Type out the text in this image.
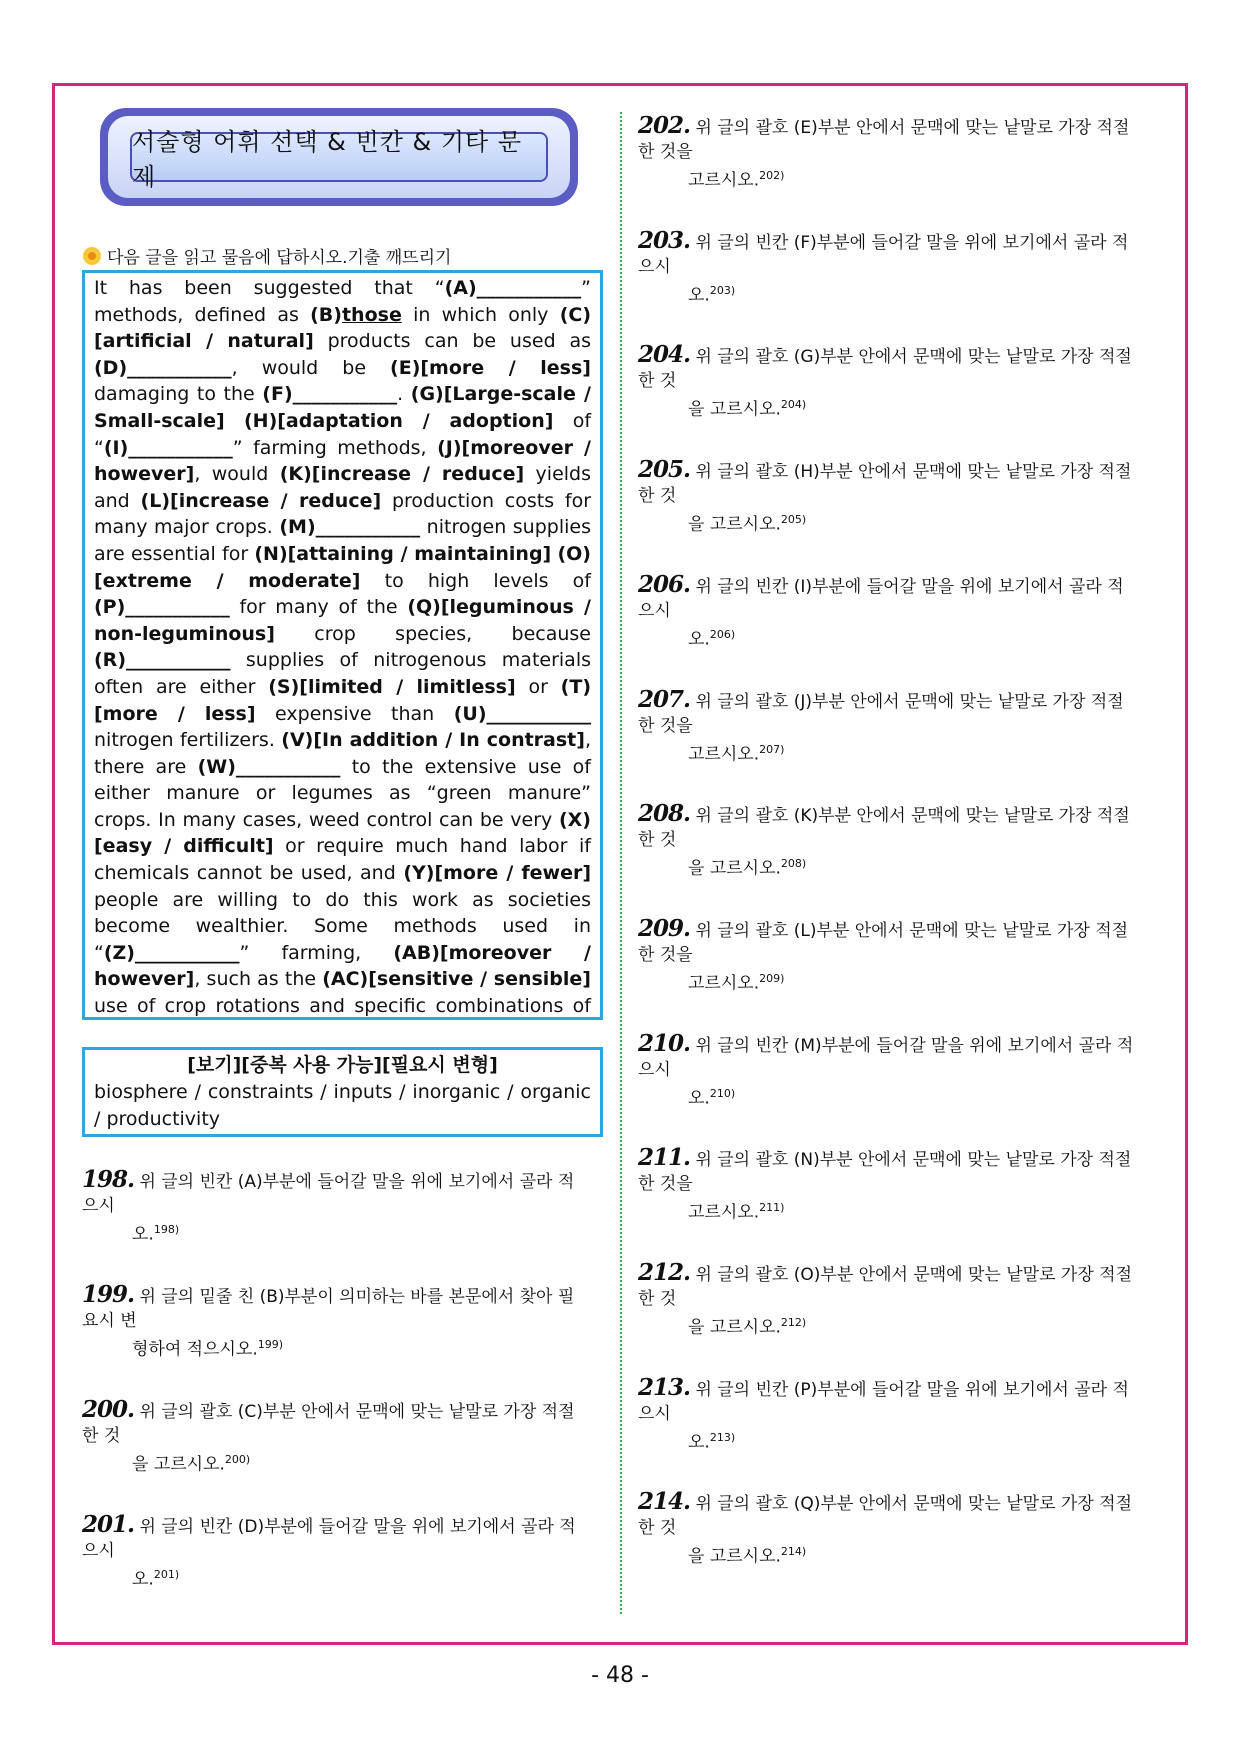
서술형 어휘 선택 & 빈칸 & 기타 문제
다음 글을 읽고 물음에 답하시오.기출 깨뜨리기
It has been suggested that “(A)___________” methods, defined as (B)those in which only (C)[artificial / natural] products can be used as (D)___________, would be (E)[more / less] damaging to the (F)___________. (G)[Large-scale / Small-scale] (H)[adaptation / adoption] of “(I)___________” farming methods, (J)[moreover / however], would (K)[increase / reduce] yields and (L)[increase / reduce] production costs for many major crops. (M)___________ nitrogen supplies are essential for (N)[attaining / maintaining] (O)[extreme / moderate] to high levels of (P)___________ for many of the (Q)[leguminous / non-leguminous] crop species, because (R)___________ supplies of nitrogenous materials often are either (S)[limited / limitless] or (T)[more / less] expensive than (U)___________ nitrogen fertilizers. (V)[In addition / In contrast], there are (W)___________ to the extensive use of either manure or legumes as “green manure” crops. In many cases, weed control can be very (X)[easy / difficult] or require much hand labor if chemicals cannot be used, and (Y)[more / fewer] people are willing to do this work as societies become wealthier. Some methods used in “(Z)___________” farming, (AB)[moreover / however], such as the (AC)[sensitive / sensible] use of crop rotations and specific combinations of
[보기][중복 사용 가능][필요시 변형]
biosphere / constraints / inputs / inorganic / organic / productivity
198. 위 글의 빈칸 (A)부분에 들어갈 말을 위에 보기에서 골라 적으시
오.$^{198)}$
199. 위 글의 밑줄 친 (B)부분이 의미하는 바를 본문에서 찾아 필요시 변
형하여 적으시오.$^{199)}$
200. 위 글의 괄호 (C)부분 안에서 문맥에 맞는 낱말로 가장 적절한 것
을 고르시오.$^{200)}$
201. 위 글의 빈칸 (D)부분에 들어갈 말을 위에 보기에서 골라 적으시
오.$^{201)}$
202. 위 글의 괄호 (E)부분 안에서 문맥에 맞는 낱말로 가장 적절한 것을
고르시오.$^{202)}$
203. 위 글의 빈칸 (F)부분에 들어갈 말을 위에 보기에서 골라 적으시
오.$^{203)}$
204. 위 글의 괄호 (G)부분 안에서 문맥에 맞는 낱말로 가장 적절한 것
을 고르시오.$^{204)}$
205. 위 글의 괄호 (H)부분 안에서 문맥에 맞는 낱말로 가장 적절한 것
을 고르시오.$^{205)}$
206. 위 글의 빈칸 (I)부분에 들어갈 말을 위에 보기에서 골라 적으시
오.$^{206)}$
207. 위 글의 괄호 (J)부분 안에서 문맥에 맞는 낱말로 가장 적절한 것을
고르시오.$^{207)}$
208. 위 글의 괄호 (K)부분 안에서 문맥에 맞는 낱말로 가장 적절한 것
을 고르시오.$^{208)}$
209. 위 글의 괄호 (L)부분 안에서 문맥에 맞는 낱말로 가장 적절한 것을
고르시오.$^{209)}$
210. 위 글의 빈칸 (M)부분에 들어갈 말을 위에 보기에서 골라 적으시
오.$^{210)}$
211. 위 글의 괄호 (N)부분 안에서 문맥에 맞는 낱말로 가장 적절한 것을
고르시오.$^{211)}$
212. 위 글의 괄호 (O)부분 안에서 문맥에 맞는 낱말로 가장 적절한 것
을 고르시오.$^{212)}$
213. 위 글의 빈칸 (P)부분에 들어갈 말을 위에 보기에서 골라 적으시
오.$^{213)}$
214. 위 글의 괄호 (Q)부분 안에서 문맥에 맞는 낱말로 가장 적절한 것
을 고르시오.$^{214)}$
- 48 -
